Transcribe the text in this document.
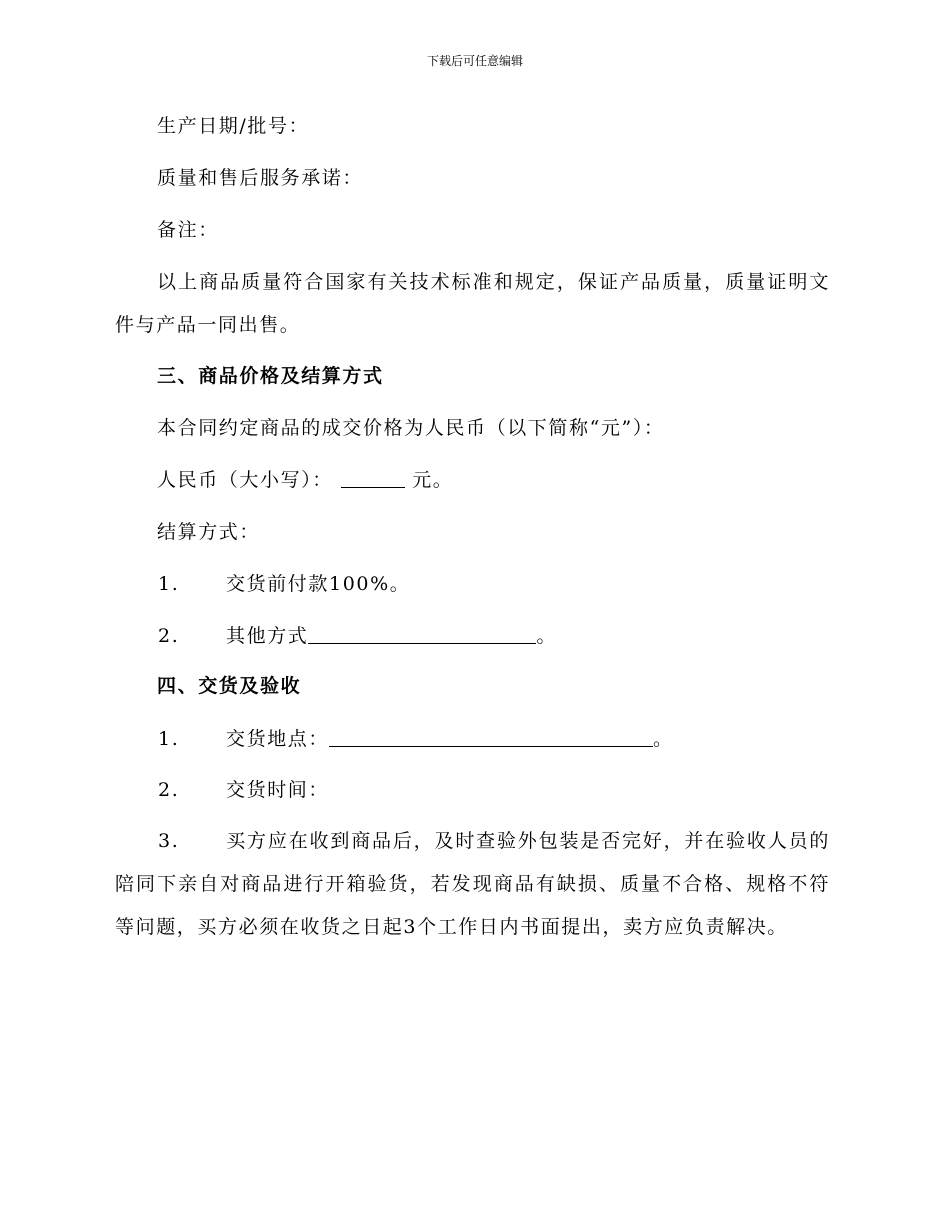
下载后可任意编辑
生产日期/批号：
质量和售后服务承诺：
备注：
以上商品质量符合国家有关技术标准和规定，保证产品质量，质量证明文件与产品一同出售。
三、商品价格及结算方式
本合同约定商品的成交价格为人民币（以下简称“元”）：
人民币（大小写）：	元。
结算方式：
1. 交货前付款100%。
2. 其他方式	。
四、交货及验收
1. 交货地点：	。
2. 交货时间：
3. 买方应在收到商品后，及时查验外包装是否完好，并在验收人员的陪同下亲自对商品进行开箱验货，若发现商品有缺损、质量不合格、规格不符等问题，买方必须在收货之日起3个工作日内书面提出，卖方应负责解决。
